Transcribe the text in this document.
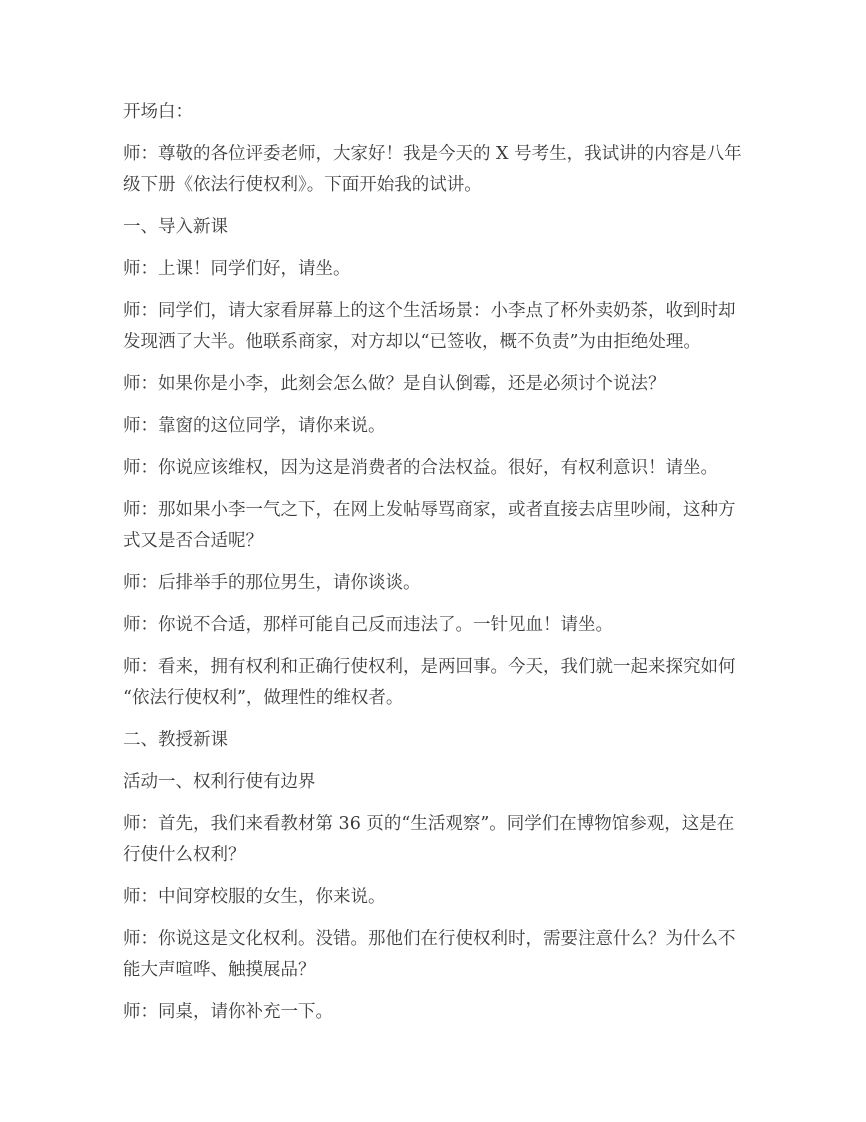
开场白：

师：尊敬的各位评委老师，大家好！我是今天的 X 号考生，我试讲的内容是八年级下册《依法行使权利》。下面开始我的试讲。

一、导入新课

师：上课！同学们好，请坐。

师：同学们，请大家看屏幕上的这个生活场景：小李点了杯外卖奶茶，收到时却发现洒了大半。他联系商家，对方却以“已签收，概不负责”为由拒绝处理。

师：如果你是小李，此刻会怎么做？是自认倒霉，还是必须讨个说法？

师：靠窗的这位同学，请你来说。

师：你说应该维权，因为这是消费者的合法权益。很好，有权利意识！请坐。

师：那如果小李一气之下，在网上发帖辱骂商家，或者直接去店里吵闹，这种方式又是否合适呢？

师：后排举手的那位男生，请你谈谈。

师：你说不合适，那样可能自己反而违法了。一针见血！请坐。

师：看来，拥有权利和正确行使权利，是两回事。今天，我们就一起来探究如何“依法行使权利”，做理性的维权者。

二、教授新课

活动一、权利行使有边界

师：首先，我们来看教材第 36 页的“生活观察”。同学们在博物馆参观，这是在行使什么权利？

师：中间穿校服的女生，你来说。

师：你说这是文化权利。没错。那他们在行使权利时，需要注意什么？为什么不能大声喧哗、触摸展品？

师：同桌，请你补充一下。
